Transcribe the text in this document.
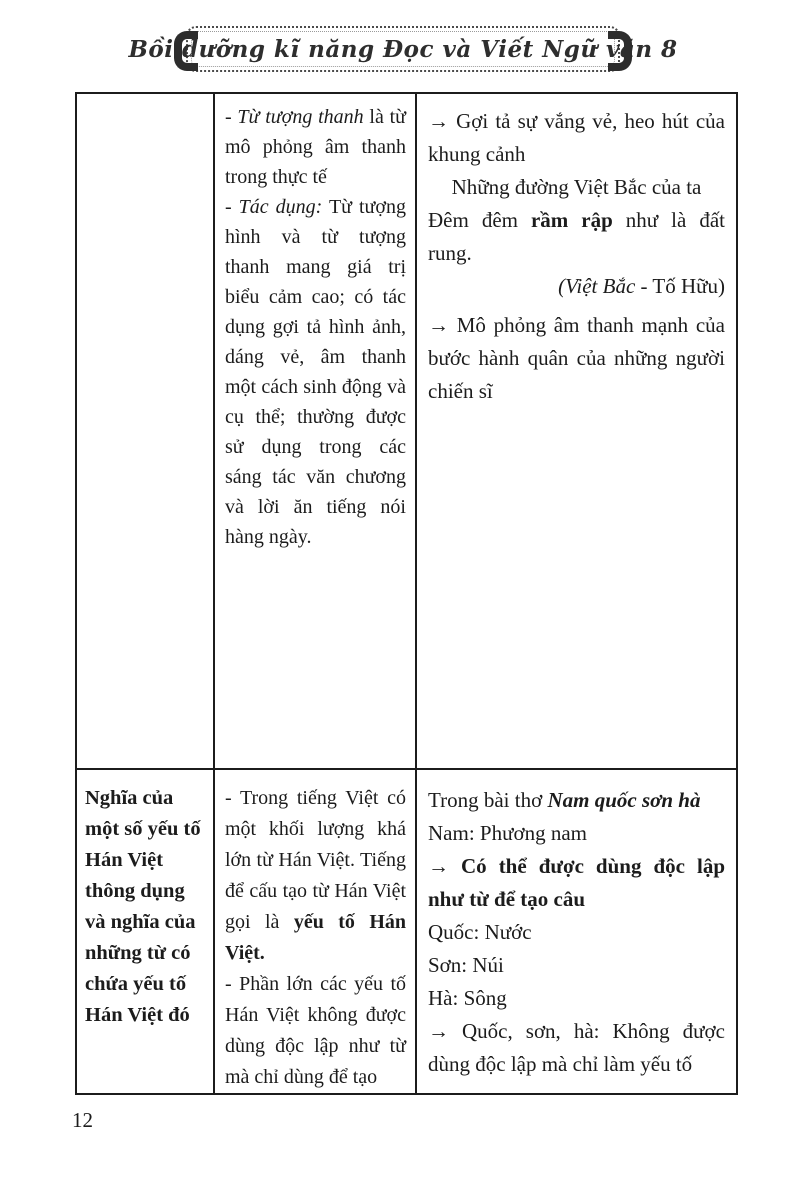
Bồi dưỡng kĩ năng Đọc và Viết Ngữ văn 8

- Từ tượng thanh là từ mô phỏng âm thanh trong thực tế

- Tác dụng: Từ tượng hình và từ tượng thanh mang giá trị biểu cảm cao; có tác dụng gợi tả hình ảnh, dáng vẻ, âm thanh một cách sinh động và cụ thể; thường được sử dụng trong các sáng tác văn chương và lời ăn tiếng nói hàng ngày.

→ Gợi tả sự vắng vẻ, heo hút của khung cảnh

Những đường Việt Bắc của ta

Đêm đêm rầm rập như là đất rung.

(Việt Bắc - Tố Hữu)

→ Mô phỏng âm thanh mạnh của bước hành quân của những người chiến sĩ

Nghĩa của một số yếu tố Hán Việt thông dụng và nghĩa của những từ có chứa yếu tố Hán Việt đó

- Trong tiếng Việt có một khối lượng khá lớn từ Hán Việt. Tiếng để cấu tạo từ Hán Việt gọi là yếu tố Hán Việt.

- Phần lớn các yếu tố Hán Việt không được dùng độc lập như từ mà chỉ dùng để tạo

Trong bài thơ Nam quốc sơn hà

Nam: Phương nam

→ Có thể được dùng độc lập như từ để tạo câu

Quốc: Nước

Sơn: Núi

Hà: Sông

→ Quốc, sơn, hà: Không được dùng độc lập mà chỉ làm yếu tố

12
